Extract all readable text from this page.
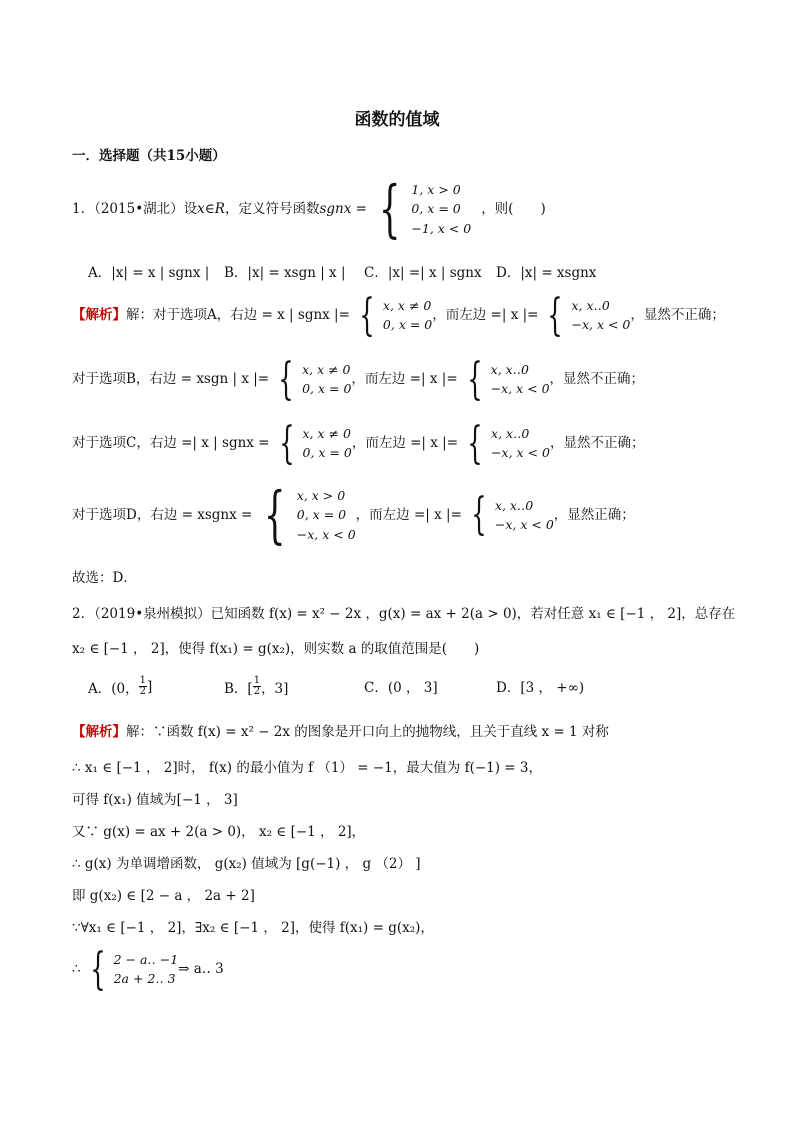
函数的值域
一．选择题（共15小题）
1．（2015•湖北）设 x∈R ，定义符号函数 sgnx = { 1, x > 0
0, x = 0
−1, x < 0
，则(　　)
A．|x| = x | sgnx | B．|x| = xsgn | x | C．|x| =| x | sgnx D．|x| = xsgnx
【解析】 解：对于选项A，右边 = x | sgnx |= { x, x ≠ 0
0, x = 0
，而左边 =| x |= { x, x‥0
−x, x < 0
，显然不正确；
对于选项B，右边 = xsgn | x |= { x, x ≠ 0
0, x = 0
，而左边 =| x |= { x, x‥0
−x, x < 0
，显然不正确；
对于选项C，右边 =| x | sgnx = { x, x ≠ 0
0, x = 0
，而左边 =| x |= { x, x‥0
−x, x < 0
，显然不正确；
对于选项D，右边 = xsgnx = { x, x > 0
0, x = 0
−x, x < 0
，而左边 =| x |= { x, x‥0
−x, x < 0
，显然正确；
故选：D．
2．（2019•泉州模拟）已知函数 f(x) = x² − 2x ，g(x) = ax + 2(a > 0)，若对任意 x₁ ∈ [−1 ， 2]，总存在
x₂ ∈ [−1 ， 2]，使得 f(x₁) = g(x₂)，则实数 a 的取值范围是(　　)
A．(0， $\frac{1}{2}$ ]	B．[ $\frac{1}{2}$ ，3]	C．(0 ， 3]	D．[3 ， +∞)
【解析】解：∵函数 f(x) = x² − 2x 的图象是开口向上的抛物线，且关于直线 x = 1 对称
∴ x₁ ∈ [−1 ， 2]时， f(x) 的最小值为 f （1） = −1，最大值为 f(−1) = 3，
可得 f(x₁) 值域为[−1 ， 3]
又∵ g(x) = ax + 2(a > 0)， x₂ ∈ [−1 ， 2]，
∴ g(x) 为单调增函数， g(x₂) 值域为 [g(−1) ， g （2） ]
即 g(x₂) ∈ [2 − a ， 2a + 2]
∵∀x₁ ∈ [−1 ， 2]，∃x₂ ∈ [−1 ， 2]，使得 f(x₁) = g(x₂)，
∴ { 2 − a‥ −1
2a + 2‥ 3
⇒ a‥ 3
